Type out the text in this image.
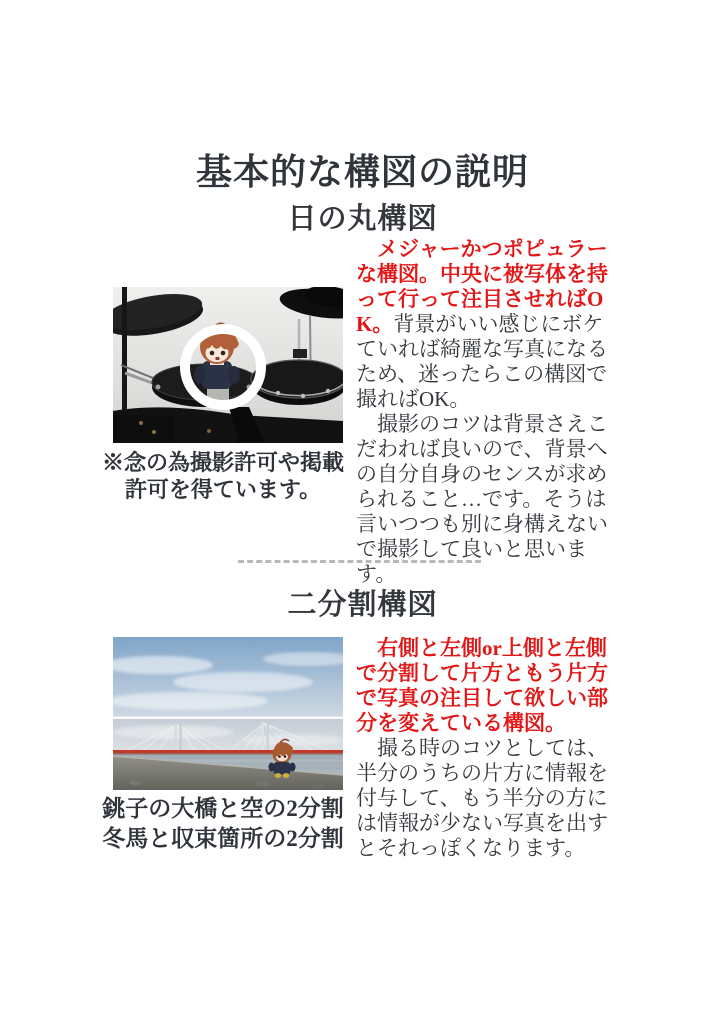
基本的な構図の説明
日の丸構図
※念の為撮影許可や掲載
許可を得ています。

　メジャーかつポピュラーな構図。中央に被写体を持って行って注目させればOK。背景がいい感じにボケていれば綺麗な写真になるため、迷ったらこの構図で撮ればOK。

　撮影のコツは背景さえこだわれば良いので、背景への自分自身のセンスが求められること…です。そうは言いつつも別に身構えないで撮影して良いと思います。

二分割構図
銚子の大橋と空の2分割
冬馬と収束箇所の2分割

　右側と左側or上側と左側で分割して片方ともう片方で写真の注目して欲しい部分を変えている構図。

　撮る時のコツとしては、半分のうちの片方に情報を付与して、もう半分の方には情報が少ない写真を出すとそれっぽくなります。
